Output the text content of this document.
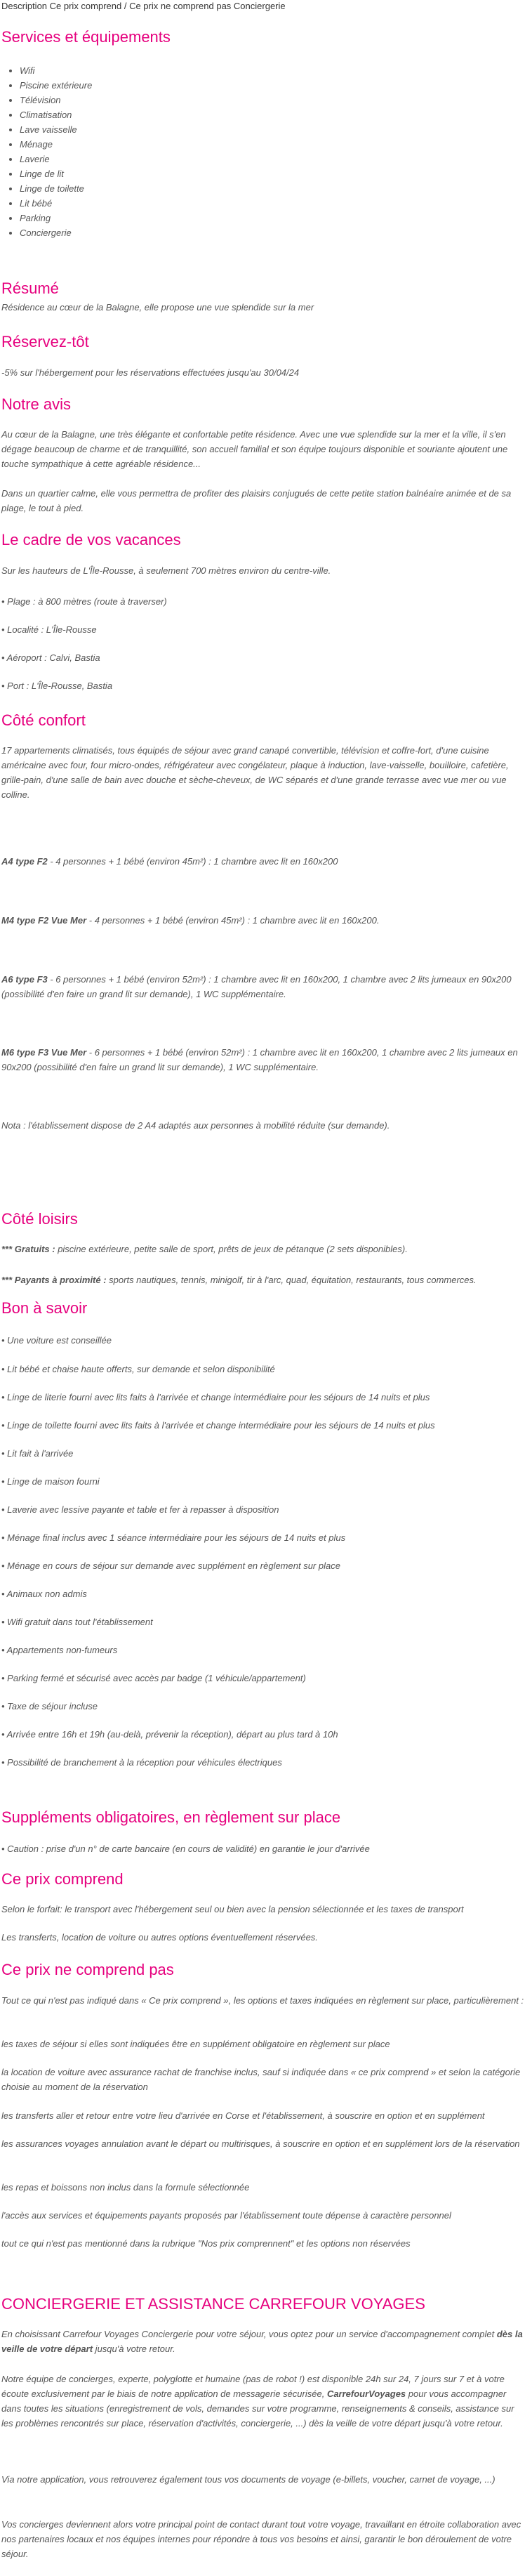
Description Ce prix comprend / Ce prix ne comprend pas Conciergerie

Services et équipements
• Wifi
• Piscine extérieure
• Télévision
• Climatisation
• Lave vaisselle
• Ménage
• Laverie
• Linge de lit
• Linge de toilette
• Lit bébé
• Parking
• Conciergerie
Résumé

Résidence au cœur de la Balagne, elle propose une vue splendide sur la mer

Réservez-tôt

-5% sur l'hébergement pour les réservations effectuées jusqu'au 30/04/24

Notre avis

Au cœur de la Balagne, une très élégante et confortable petite résidence. Avec une vue splendide sur la mer et la ville, il s'en dégage beaucoup de charme et de tranquillité, son accueil familial et son équipe toujours disponible et souriante ajoutent une touche sympathique à cette agréable résidence...

Dans un quartier calme, elle vous permettra de profiter des plaisirs conjugués de cette petite station balnéaire animée et de sa plage, le tout à pied.

Le cadre de vos vacances

Sur les hauteurs de L'Île-Rousse, à seulement 700 mètres environ du centre-ville.

• Plage : à 800 mètres (route à traverser)

• Localité : L'Île-Rousse

• Aéroport : Calvi, Bastia

• Port : L'Île-Rousse, Bastia

Côté confort

17 appartements climatisés, tous équipés de séjour avec grand canapé convertible, télévision et coffre-fort, d'une cuisine américaine avec four, four micro-ondes, réfrigérateur avec congélateur, plaque à induction, lave-vaisselle, bouilloire, cafetière, grille-pain, d'une salle de bain avec douche et sèche-cheveux, de WC séparés et d'une grande terrasse avec vue mer ou vue colline.

A4 type F2 - 4 personnes + 1 bébé (environ 45m²) : 1 chambre avec lit en 160x200

M4 type F2 Vue Mer - 4 personnes + 1 bébé (environ 45m²) : 1 chambre avec lit en 160x200.

A6 type F3 - 6 personnes + 1 bébé (environ 52m²) : 1 chambre avec lit en 160x200, 1 chambre avec 2 lits jumeaux en 90x200 (possibilité d'en faire un grand lit sur demande), 1 WC supplémentaire.

M6 type F3 Vue Mer - 6 personnes + 1 bébé (environ 52m²) : 1 chambre avec lit en 160x200, 1 chambre avec 2 lits jumeaux en 90x200 (possibilité d'en faire un grand lit sur demande), 1 WC supplémentaire.

Nota : l'établissement dispose de 2 A4 adaptés aux personnes à mobilité réduite (sur demande).

Côté loisirs

*** Gratuits : piscine extérieure, petite salle de sport, prêts de jeux de pétanque (2 sets disponibles).

*** Payants à proximité : sports nautiques, tennis, minigolf, tir à l'arc, quad, équitation, restaurants, tous commerces.

Bon à savoir

• Une voiture est conseillée

• Lit bébé et chaise haute offerts, sur demande et selon disponibilité

• Linge de literie fourni avec lits faits à l'arrivée et change intermédiaire pour les séjours de 14 nuits et plus

• Linge de toilette fourni avec lits faits à l'arrivée et change intermédiaire pour les séjours de 14 nuits et plus

• Lit fait à l'arrivée

• Linge de maison fourni

• Laverie avec lessive payante et table et fer à repasser à disposition

• Ménage final inclus avec 1 séance intermédiaire pour les séjours de 14 nuits et plus

• Ménage en cours de séjour sur demande avec supplément en règlement sur place

• Animaux non admis

• Wifi gratuit dans tout l'établissement

• Appartements non-fumeurs

• Parking fermé et sécurisé avec accès par badge (1 véhicule/appartement)

• Taxe de séjour incluse

• Arrivée entre 16h et 19h (au-delà, prévenir la réception), départ au plus tard à 10h

• Possibilité de branchement à la réception pour véhicules électriques

Suppléments obligatoires, en règlement sur place

• Caution : prise d'un n° de carte bancaire (en cours de validité) en garantie le jour d'arrivée

Ce prix comprend

Selon le forfait: le transport avec l'hébergement seul ou bien avec la pension sélectionnée et les taxes de transport

Les transferts, location de voiture ou autres options éventuellement réservées.

Ce prix ne comprend pas

Tout ce qui n'est pas indiqué dans « Ce prix comprend », les options et taxes indiquées en règlement sur place, particulièrement :

les taxes de séjour si elles sont indiquées être en supplément obligatoire en règlement sur place

la location de voiture avec assurance rachat de franchise inclus, sauf si indiquée dans « ce prix comprend » et selon la catégorie choisie au moment de la réservation

les transferts aller et retour entre votre lieu d'arrivée en Corse et l'établissement, à souscrire en option et en supplément

les assurances voyages annulation avant le départ ou multirisques, à souscrire en option et en supplément lors de la réservation

les repas et boissons non inclus dans la formule sélectionnée

l'accès aux services et équipements payants proposés par l'établissement toute dépense à caractère personnel

tout ce qui n'est pas mentionné dans la rubrique "Nos prix comprennent" et les options non réservées

CONCIERGERIE ET ASSISTANCE CARREFOUR VOYAGES

En choisissant Carrefour Voyages Conciergerie pour votre séjour, vous optez pour un service d'accompagnement complet dès la veille de votre départ jusqu'à votre retour.

Notre équipe de concierges, experte, polyglotte et humaine (pas de robot !) est disponible 24h sur 24, 7 jours sur 7 et à votre écoute exclusivement par le biais de notre application de messagerie sécurisée, CarrefourVoyages pour vous accompagner dans toutes les situations (enregistrement de vols, demandes sur votre programme, renseignements & conseils, assistance sur les problèmes rencontrés sur place, réservation d'activités, conciergerie, ...) dès la veille de votre départ jusqu'à votre retour.

Via notre application, vous retrouverez également tous vos documents de voyage (e-billets, voucher, carnet de voyage, ...)

Vos concierges deviennent alors votre principal point de contact durant tout votre voyage, travaillant en étroite collaboration avec nos partenaires locaux et nos équipes internes pour répondre à tous vos besoins et ainsi, garantir le bon déroulement de votre séjour.
